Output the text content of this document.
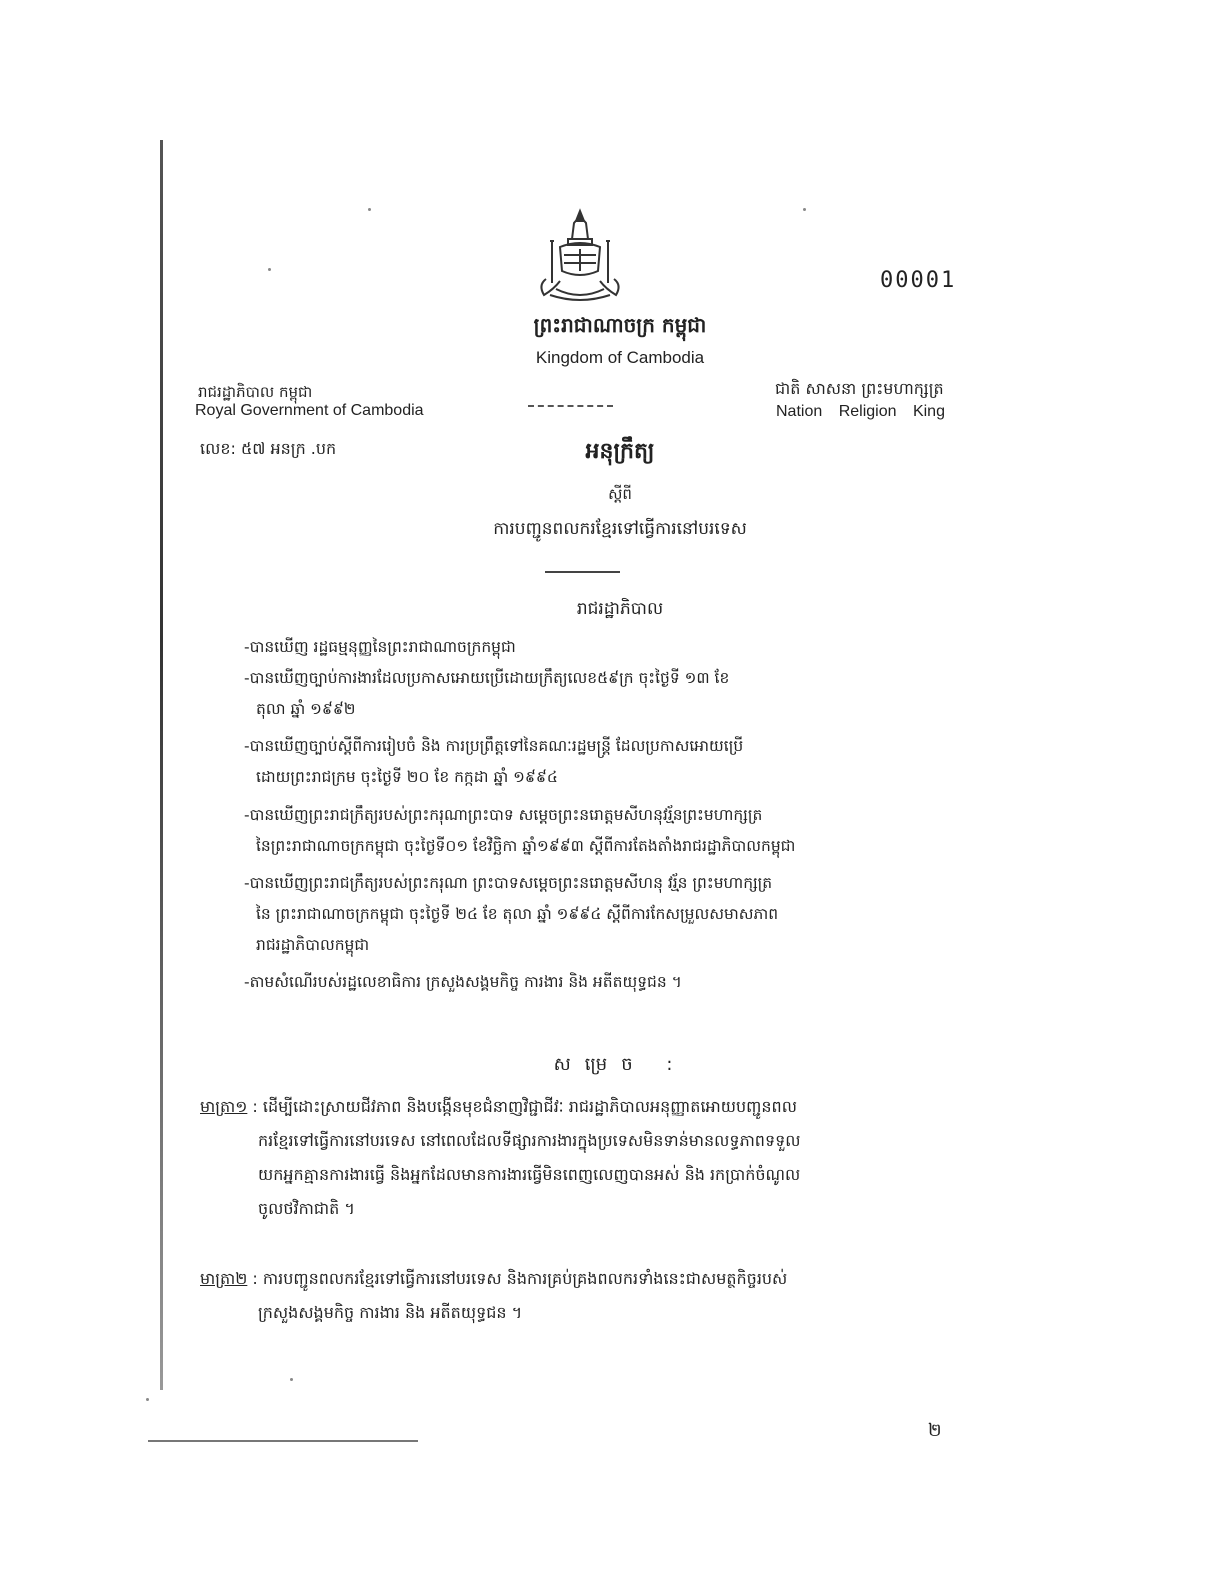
00001
ព្រះរាជាណាចក្រ កម្ពុជា
Kingdom of Cambodia
ជាតិ សាសនា ព្រះមហាក្សត្រ
Nation Religion King
រាជរដ្ឋាភិបាល កម្ពុជា
Royal Government of Cambodia
លេខ: ៥៧ អនក្រ .បក	អនុក្រឹត្យ
ស្តីពី
ការបញ្ជូនពលករខ្មែរទៅធ្វើការនៅបរទេស
រាជរដ្ឋាភិបាល
-បានឃើញ រដ្ឋធម្មនុញ្ញនៃព្រះរាជាណាចក្រកម្ពុជា
-បានឃើញច្បាប់ការងារដែលប្រកាសអោយប្រើដោយក្រឹត្យលេខ៥៩ក្រ ចុះថ្ងៃទី ១៣ ខែ
តុលា ឆ្នាំ ១៩៩២
-បានឃើញច្បាប់ស្តីពីការរៀបចំ និង ការប្រព្រឹត្តទៅនៃគណៈរដ្ឋមន្ត្រី ដែលប្រកាសអោយប្រើ
ដោយព្រះរាជក្រម ចុះថ្ងៃទី ២០ ខែ កក្កដា ឆ្នាំ ១៩៩៤
-បានឃើញព្រះរាជក្រឹត្យរបស់ព្រះករុណាព្រះបាទ សម្តេចព្រះនរោត្តមសីហនុវរ្ម័នព្រះមហាក្សត្រ
នៃព្រះរាជាណាចក្រកម្ពុជា ចុះថ្ងៃទី០១ ខែវិច្ឆិកា ឆ្នាំ១៩៩៣ ស្តីពីការតែងតាំងរាជរដ្ឋាភិបាលកម្ពុជា
-បានឃើញព្រះរាជក្រឹត្យរបស់ព្រះករុណា ព្រះបាទសម្តេចព្រះនរោត្តមសីហនុ វរ្ម័ន ព្រះមហាក្សត្រ
នៃ ព្រះរាជាណាចក្រកម្ពុជា ចុះថ្ងៃទី ២៤ ខែ តុលា ឆ្នាំ ១៩៩៤ ស្តីពីការកែសម្រួលសមាសភាព
រាជរដ្ឋាភិបាលកម្ពុជា
-តាមសំណើរបស់រដ្ឋលេខាធិការ ក្រសួងសង្គមកិច្ច ការងារ និង អតីតយុទ្ធជន ។
សម្រេច :
មាត្រា១ : ដើម្បីដោះស្រាយជីវភាព និងបង្កើនមុខជំនាញវិជ្ជាជីវៈ រាជរដ្ឋាភិបាលអនុញ្ញាតអោយបញ្ជូនពល
ករខ្មែរទៅធ្វើការនៅបរទេស នៅពេលដែលទីផ្សារការងារក្នុងប្រទេសមិនទាន់មានលទ្ធភាពទទួល
យកអ្នកគ្មានការងារធ្វើ និងអ្នកដែលមានការងារធ្វើមិនពេញលេញបានអស់ និង រកប្រាក់ចំណូល
ចូលថវិកាជាតិ ។
មាត្រា២ : ការបញ្ជូនពលករខ្មែរទៅធ្វើការនៅបរទេស និងការគ្រប់គ្រងពលករទាំងនេះជាសមត្ថកិច្ចរបស់
ក្រសួងសង្គមកិច្ច ការងារ និង អតីតយុទ្ធជន ។
២
